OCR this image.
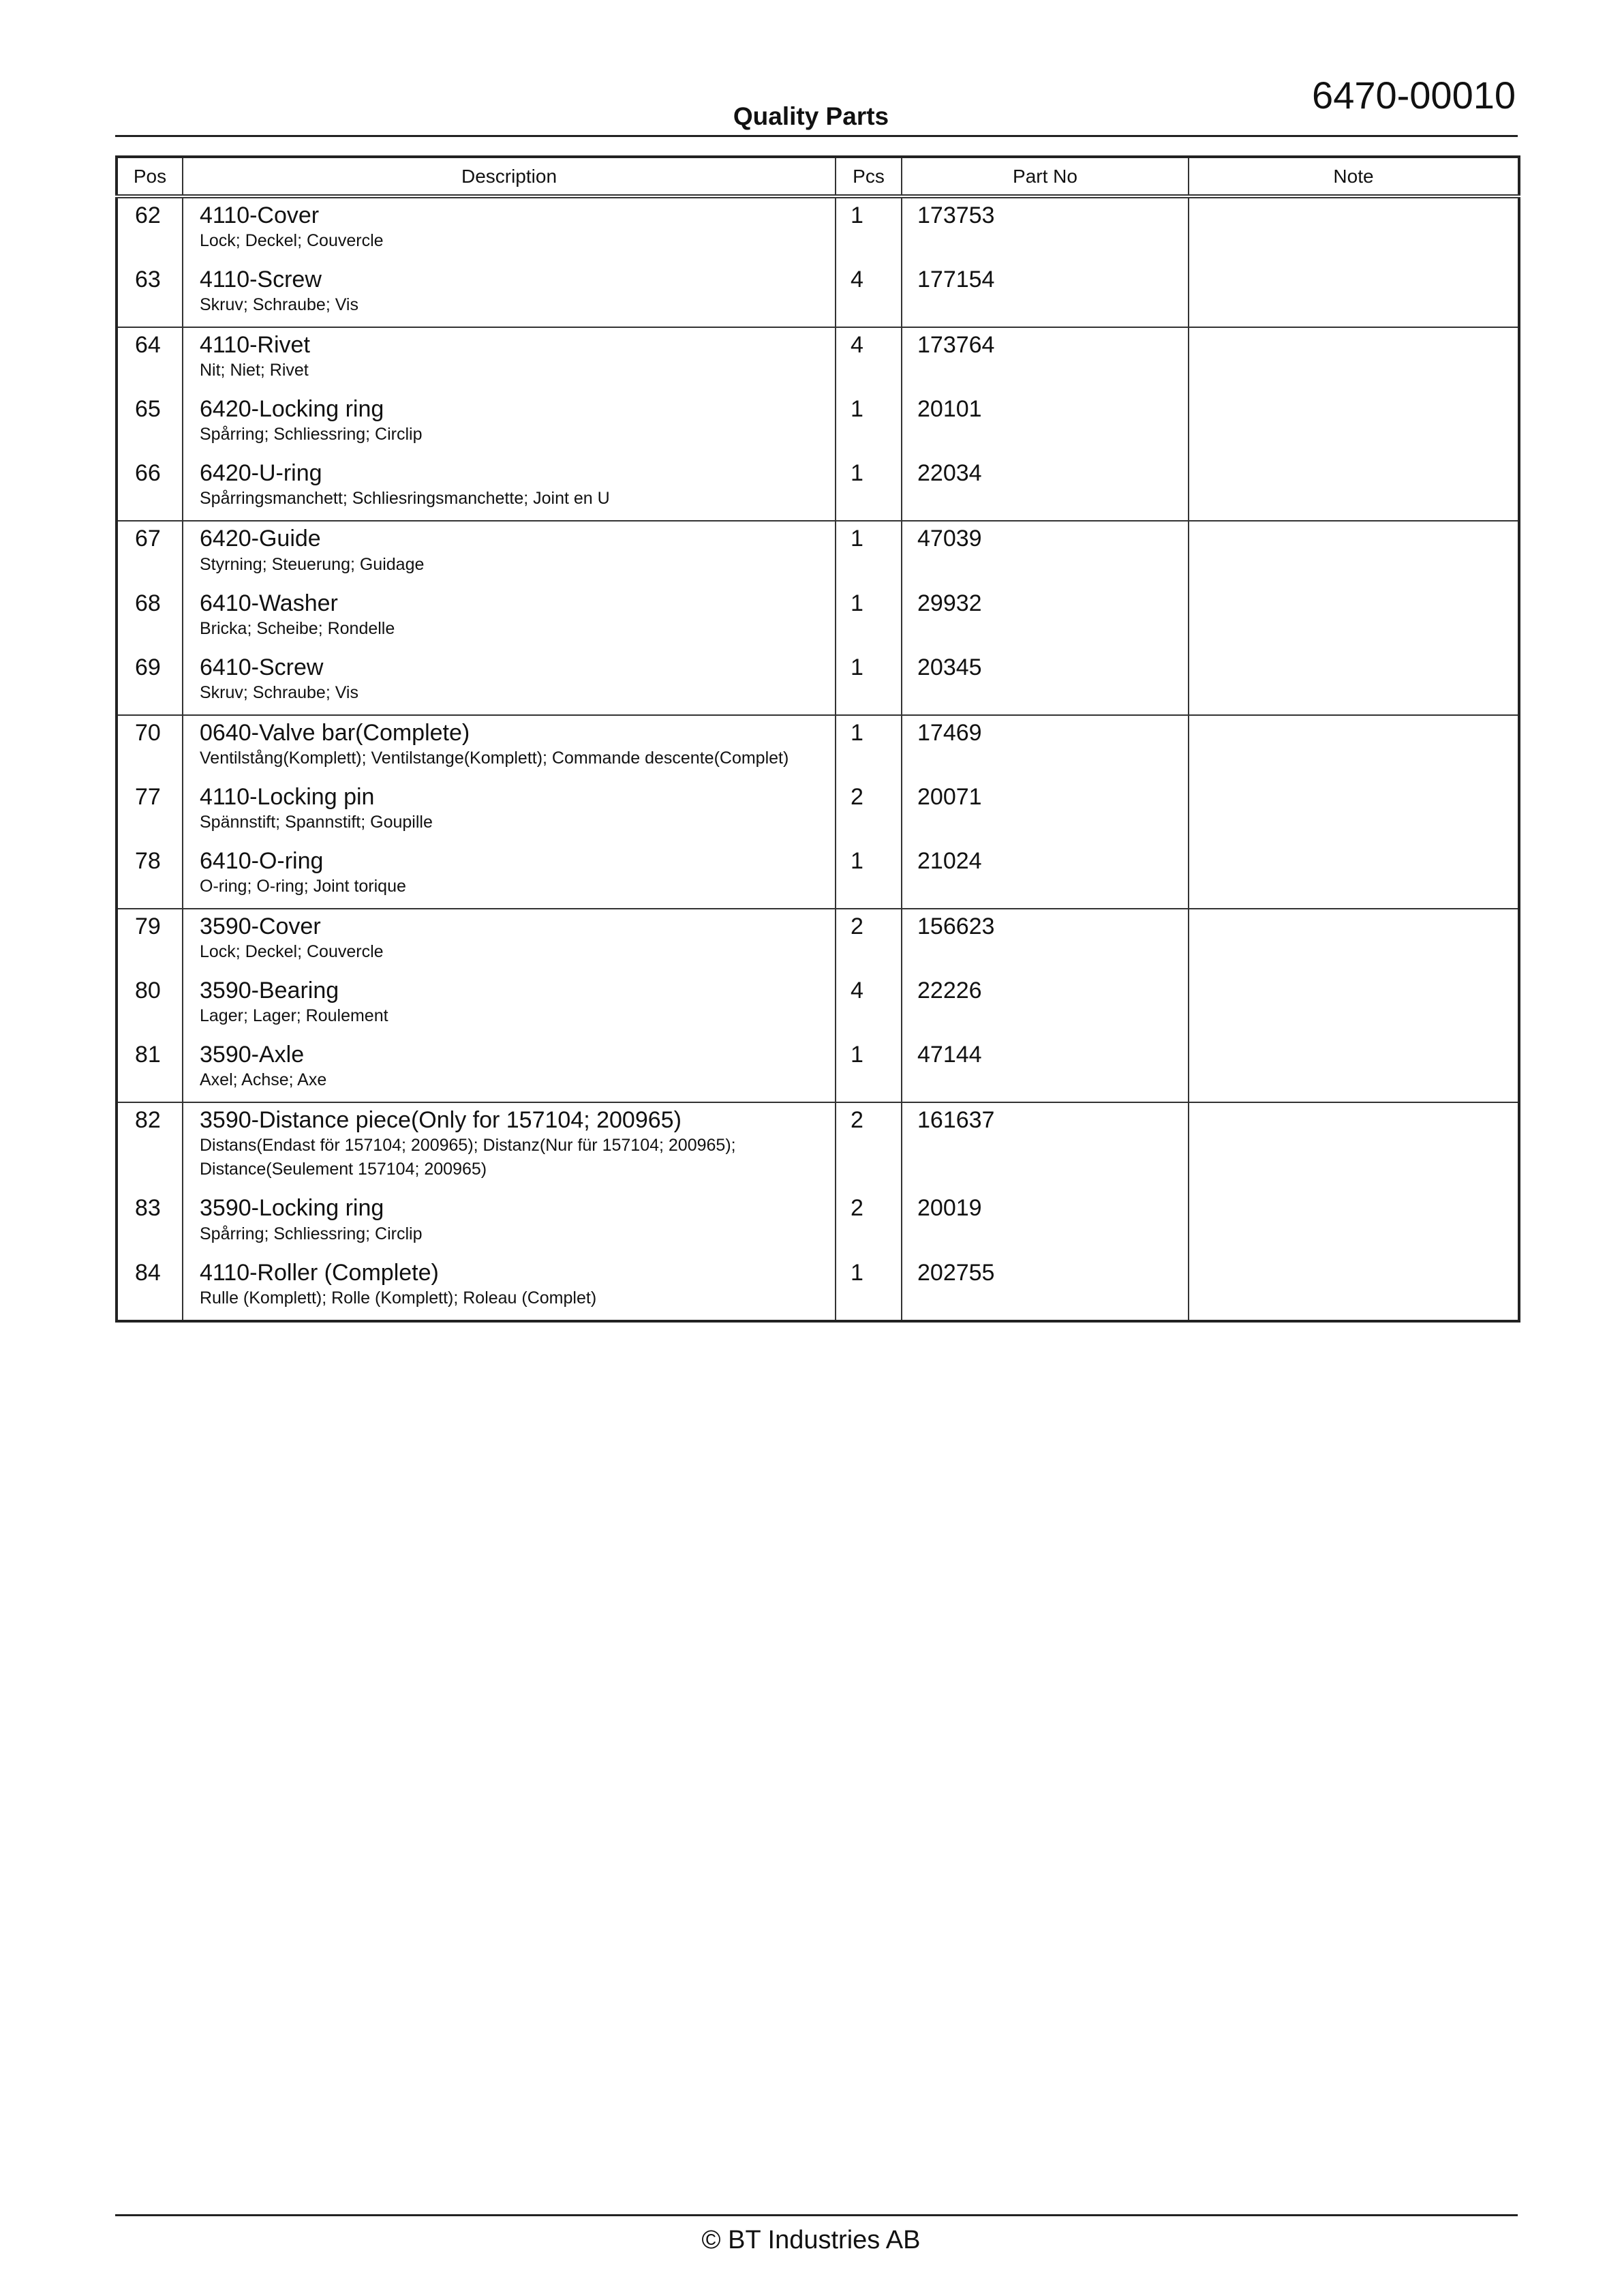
6470-00010
Quality Parts
Pos	Description	Pcs	Part No	Note
62	4110-Cover
Lock; Deckel; Couvercle	1	173753	
63	4110-Screw
Skruv; Schraube; Vis	4	177154	
64	4110-Rivet
Nit; Niet; Rivet	4	173764	
65	6420-Locking ring
Spårring; Schliessring; Circlip	1	20101	
66	6420-U-ring
Spårringsmanchett; Schliesringsmanchette; Joint en U	1	22034	
67	6420-Guide
Styrning; Steuerung; Guidage	1	47039	
68	6410-Washer
Bricka; Scheibe; Rondelle	1	29932	
69	6410-Screw
Skruv; Schraube; Vis	1	20345	
70	0640-Valve bar(Complete)
Ventilstång(Komplett); Ventilstange(Komplett); Commande descente(Complet)	1	17469	
77	4110-Locking pin
Spännstift; Spannstift; Goupille	2	20071	
78	6410-O-ring
O-ring; O-ring; Joint torique	1	21024	
79	3590-Cover
Lock; Deckel; Couvercle	2	156623	
80	3590-Bearing
Lager; Lager; Roulement	4	22226	
81	3590-Axle
Axel; Achse; Axe	1	47144	
82	3590-Distance piece(Only for 157104; 200965)
Distans(Endast för 157104; 200965); Distanz(Nur für 157104; 200965); Distance(Seulement 157104; 200965)	2	161637	
83	3590-Locking ring
Spårring; Schliessring; Circlip	2	20019	
84	4110-Roller (Complete)
Rulle (Komplett); Rolle (Komplett); Roleau (Complet)	1	202755	
© BT Industries AB
